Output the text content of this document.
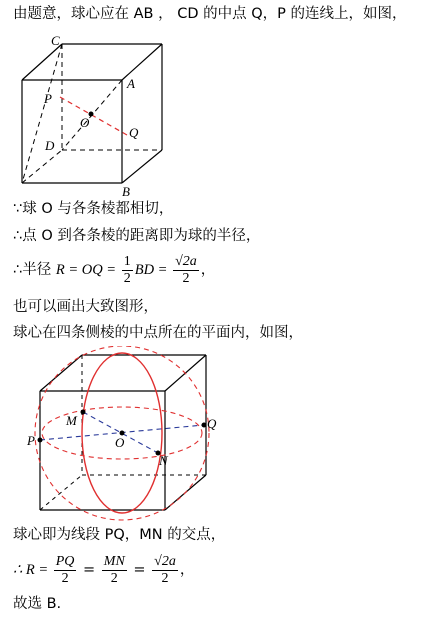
由题意，球心应在 AB ， CD 的中点 Q，P 的连线上，如图，
C
A
P
O
Q
D
B
∵球 O 与各条棱都相切，
∴点 O 到各条棱的距离即为球的半径，
∴半径 R = OQ = $\frac{1}{2}$ BD = $\frac{√2a}{2}$ ，
也可以画出大致图形，
球心在四条侧棱的中点所在的平面内，如图，
M
P	O
Q
N
球心即为线段 PQ，MN 的交点，
∴ $R = \frac{PQ}{2} = \frac{MN}{2} = \frac{√2a}{2}$ ，
故选 B.
